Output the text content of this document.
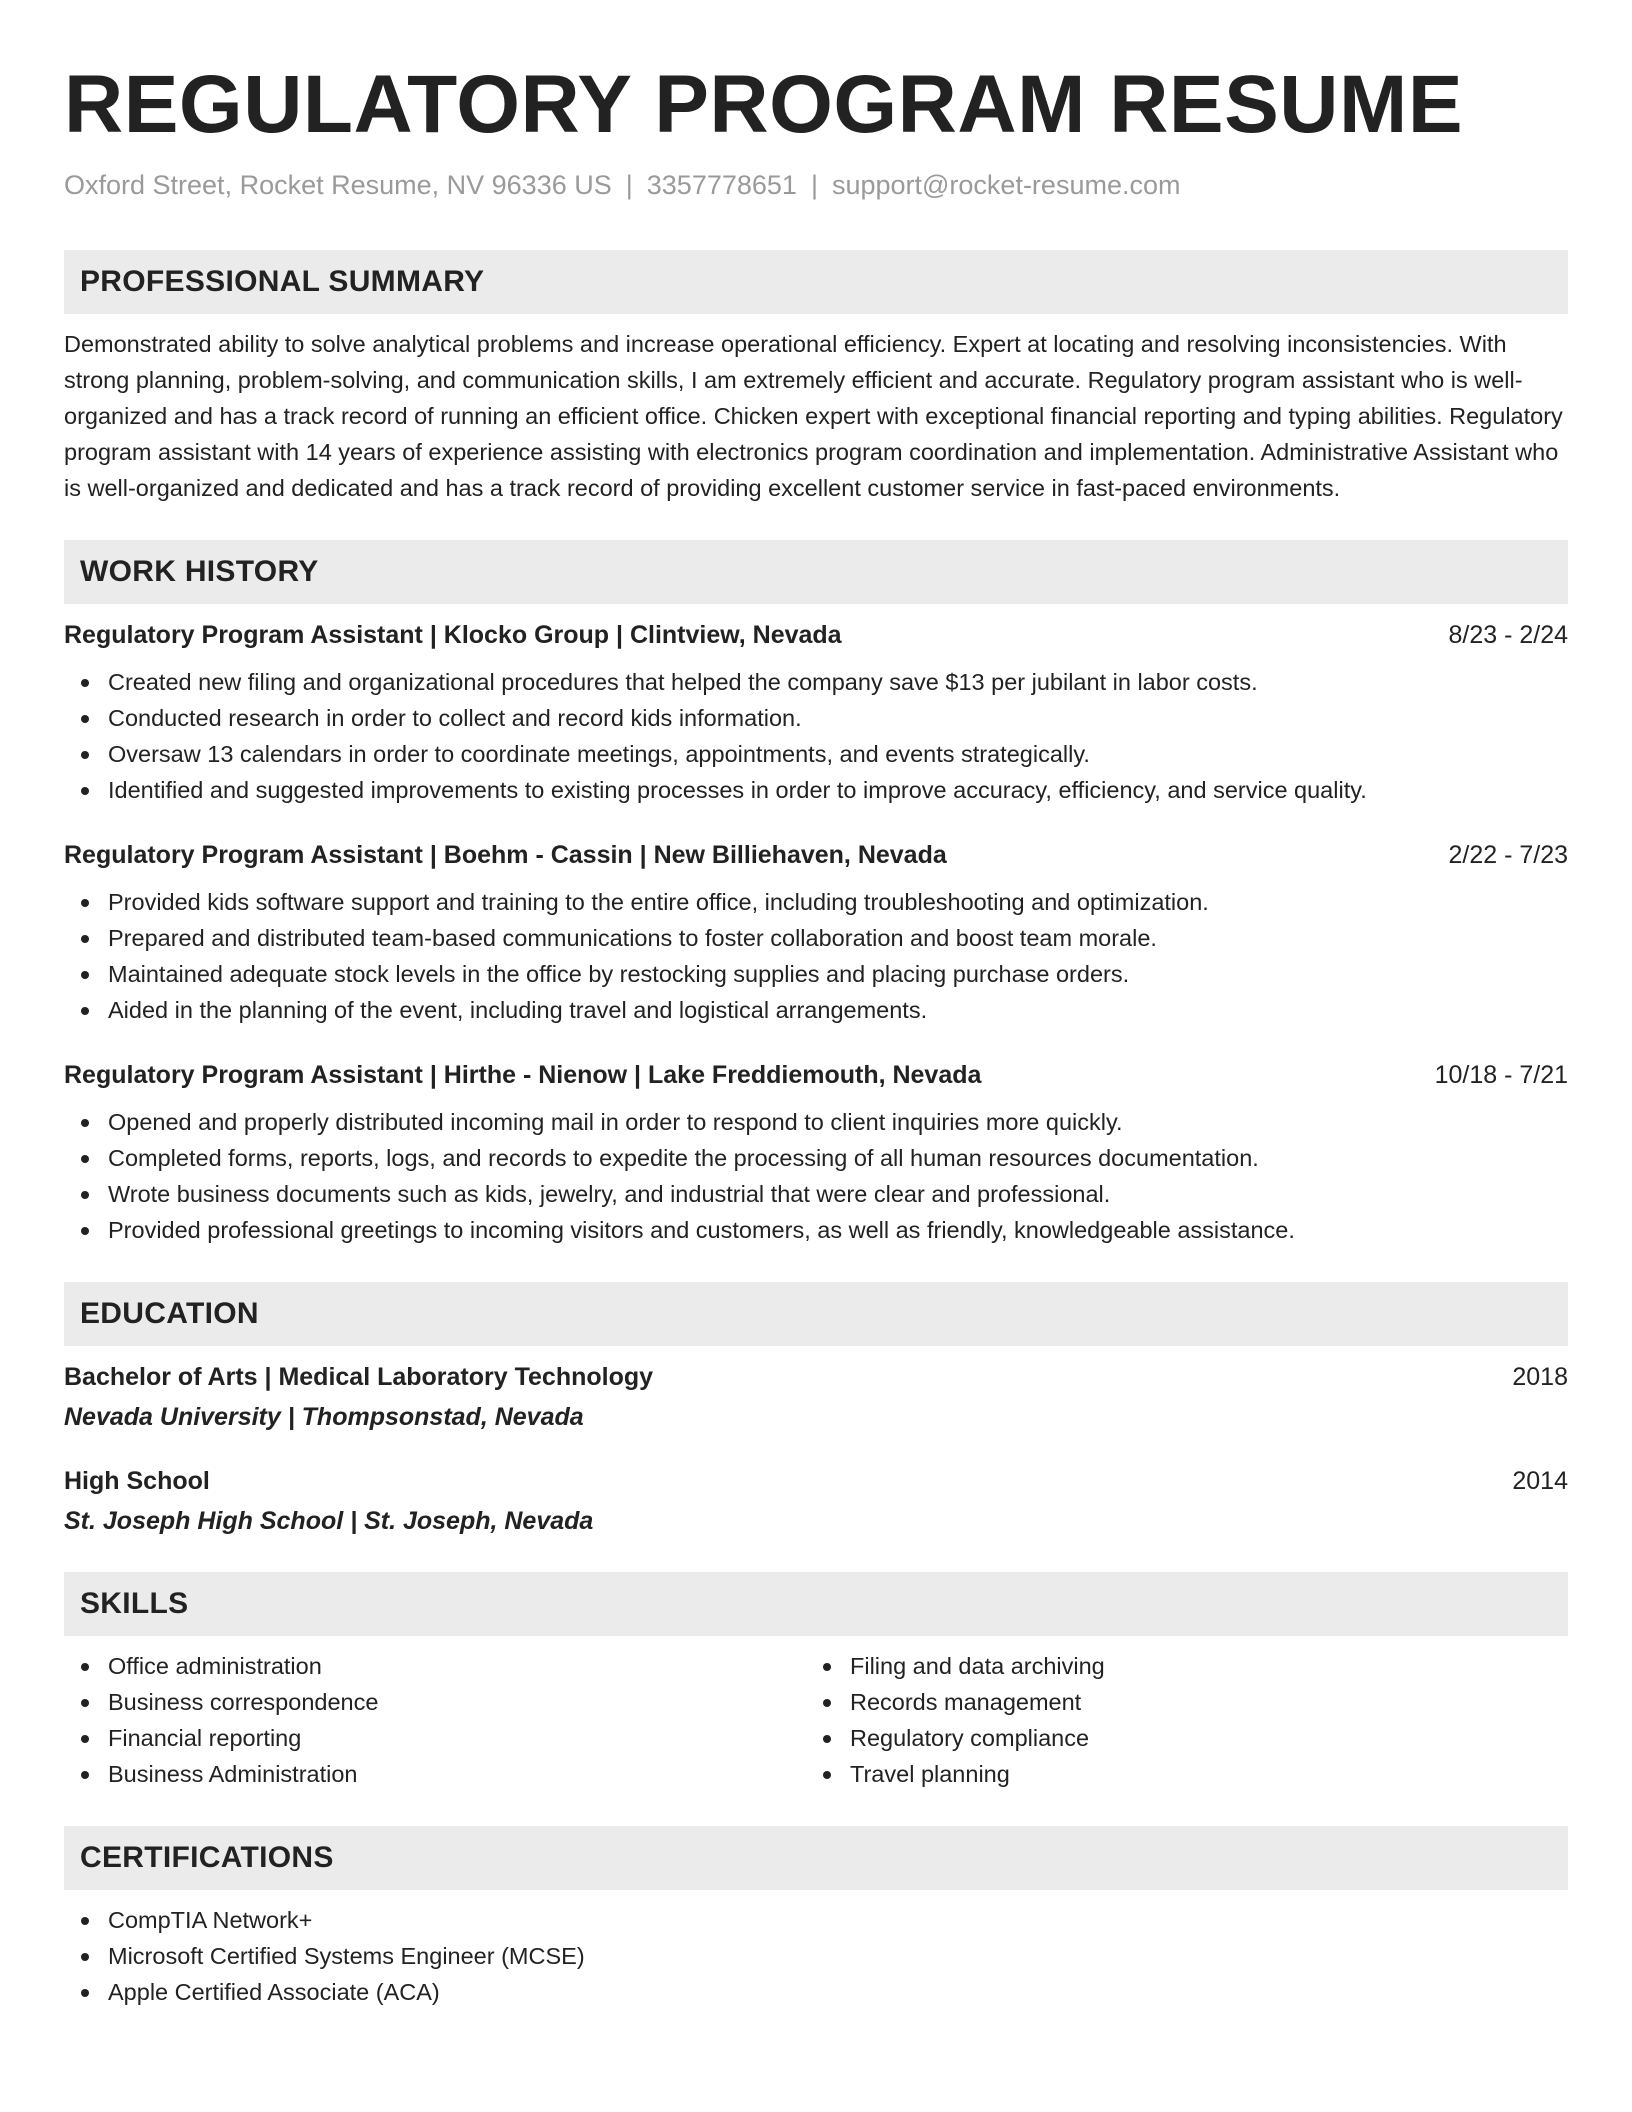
REGULATORY PROGRAM RESUME
Oxford Street, Rocket Resume, NV 96336 US | 3357778651 | support@rocket-resume.com
PROFESSIONAL SUMMARY
Demonstrated ability to solve analytical problems and increase operational efficiency. Expert at locating and resolving inconsistencies. With strong planning, problem-solving, and communication skills, I am extremely efficient and accurate. Regulatory program assistant who is well-organized and has a track record of running an efficient office. Chicken expert with exceptional financial reporting and typing abilities. Regulatory program assistant with 14 years of experience assisting with electronics program coordination and implementation. Administrative Assistant who is well-organized and dedicated and has a track record of providing excellent customer service in fast-paced environments.
WORK HISTORY
Regulatory Program Assistant | Klocko Group | Clintview, Nevada	8/23 - 2/24
Created new filing and organizational procedures that helped the company save $13 per jubilant in labor costs.
Conducted research in order to collect and record kids information.
Oversaw 13 calendars in order to coordinate meetings, appointments, and events strategically.
Identified and suggested improvements to existing processes in order to improve accuracy, efficiency, and service quality.
Regulatory Program Assistant | Boehm - Cassin | New Billiehaven, Nevada	2/22 - 7/23
Provided kids software support and training to the entire office, including troubleshooting and optimization.
Prepared and distributed team-based communications to foster collaboration and boost team morale.
Maintained adequate stock levels in the office by restocking supplies and placing purchase orders.
Aided in the planning of the event, including travel and logistical arrangements.
Regulatory Program Assistant | Hirthe - Nienow | Lake Freddiemouth, Nevada	10/18 - 7/21
Opened and properly distributed incoming mail in order to respond to client inquiries more quickly.
Completed forms, reports, logs, and records to expedite the processing of all human resources documentation.
Wrote business documents such as kids, jewelry, and industrial that were clear and professional.
Provided professional greetings to incoming visitors and customers, as well as friendly, knowledgeable assistance.
EDUCATION
Bachelor of Arts | Medical Laboratory Technology	2018
Nevada University | Thompsonstad, Nevada
High School	2014
St. Joseph High School | St. Joseph, Nevada
SKILLS
Office administration
Business correspondence
Financial reporting
Business Administration
Filing and data archiving
Records management
Regulatory compliance
Travel planning
CERTIFICATIONS
CompTIA Network+
Microsoft Certified Systems Engineer (MCSE)
Apple Certified Associate (ACA)
